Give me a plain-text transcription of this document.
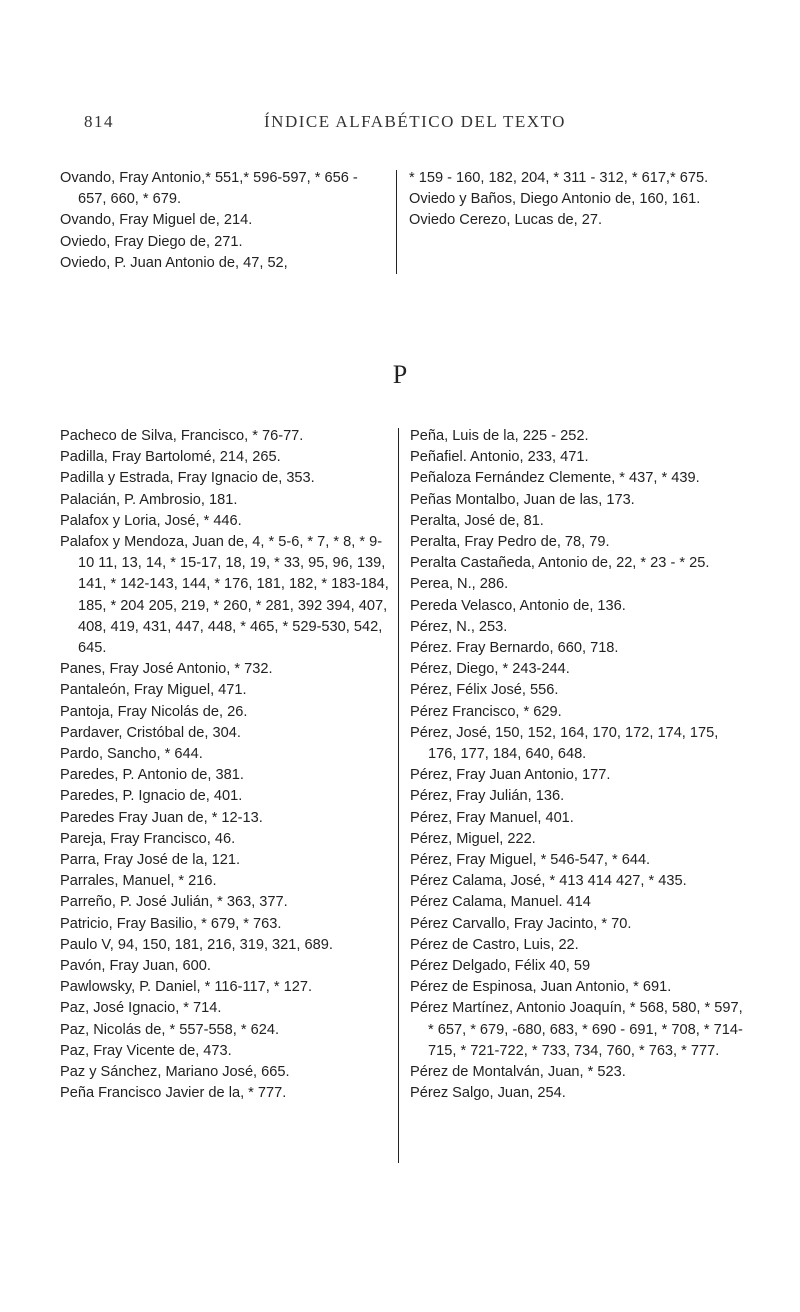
814	ÍNDICE ALFABÉTICO DEL TEXTO

Ovando, Fray Antonio,* 551,* 596-597, * 656 - 657, 660, * 679.

Ovando, Fray Miguel de, 214.

Oviedo, Fray Diego de, 271.

Oviedo, P. Juan Antonio de, 47, 52,

* 159 - 160, 182, 204, * 311 - 312, * 617,* 675.

Oviedo y Baños, Diego Antonio de, 160, 161.

Oviedo Cerezo, Lucas de, 27.

P

Pacheco de Silva, Francisco, * 76-77.

Padilla, Fray Bartolomé, 214, 265.

Padilla y Estrada, Fray Ignacio de, 353.

Palacián, P. Ambrosio, 181.

Palafox y Loria, José, * 446.

Palafox y Mendoza, Juan de, 4, * 5-6, * 7, * 8, * 9-10 11, 13, 14, * 15-17, 18, 19, * 33, 95, 96, 139, 141, * 142-143, 144, * 176, 181, 182, * 183-184, 185, * 204 205, 219, * 260, * 281, 392 394, 407, 408, 419, 431, 447, 448, * 465, * 529-530, 542, 645.

Panes, Fray José Antonio, * 732.

Pantaleón, Fray Miguel, 471.

Pantoja, Fray Nicolás de, 26.

Pardaver, Cristóbal de, 304.

Pardo, Sancho, * 644.

Paredes, P. Antonio de, 381.

Paredes, P. Ignacio de, 401.

Paredes Fray Juan de, * 12-13.

Pareja, Fray Francisco, 46.

Parra, Fray José de la, 121.

Parrales, Manuel, * 216.

Parreño, P. José Julián, * 363, 377.

Patricio, Fray Basilio, * 679, * 763.

Paulo V, 94, 150, 181, 216, 319, 321, 689.

Pavón, Fray Juan, 600.

Pawlowsky, P. Daniel, * 116-117, * 127.

Paz, José Ignacio, * 714.

Paz, Nicolás de, * 557-558, * 624.

Paz, Fray Vicente de, 473.

Paz y Sánchez, Mariano José, 665.

Peña Francisco Javier de la, * 777.

Peña, Luis de la, 225 - 252.

Peñafiel. Antonio, 233, 471.

Peñaloza Fernández Clemente, * 437, * 439.

Peñas Montalbo, Juan de las, 173.

Peralta, José de, 81.

Peralta, Fray Pedro de, 78, 79.

Peralta Castañeda, Antonio de, 22, * 23 - * 25.

Perea, N., 286.

Pereda Velasco, Antonio de, 136.

Pérez, N., 253.

Pérez. Fray Bernardo, 660, 718.

Pérez, Diego, * 243-244.

Pérez, Félix José, 556.

Pérez Francisco, * 629.

Pérez, José, 150, 152, 164, 170, 172, 174, 175, 176, 177, 184, 640, 648.

Pérez, Fray Juan Antonio, 177.

Pérez, Fray Julián, 136.

Pérez, Fray Manuel, 401.

Pérez, Miguel, 222.

Pérez, Fray Miguel, * 546-547, * 644.

Pérez Calama, José, * 413 414 427, * 435.

Pérez Calama, Manuel. 414

Pérez Carvallo, Fray Jacinto, * 70.

Pérez de Castro, Luis, 22.

Pérez Delgado, Félix 40, 59

Pérez de Espinosa, Juan Antonio, * 691.

Pérez Martínez, Antonio Joaquín, * 568, 580, * 597, * 657, * 679, -680, 683, * 690 - 691, * 708, * 714-715, * 721-722, * 733, 734, 760, * 763, * 777.

Pérez de Montalván, Juan, * 523.

Pérez Salgo, Juan, 254.
